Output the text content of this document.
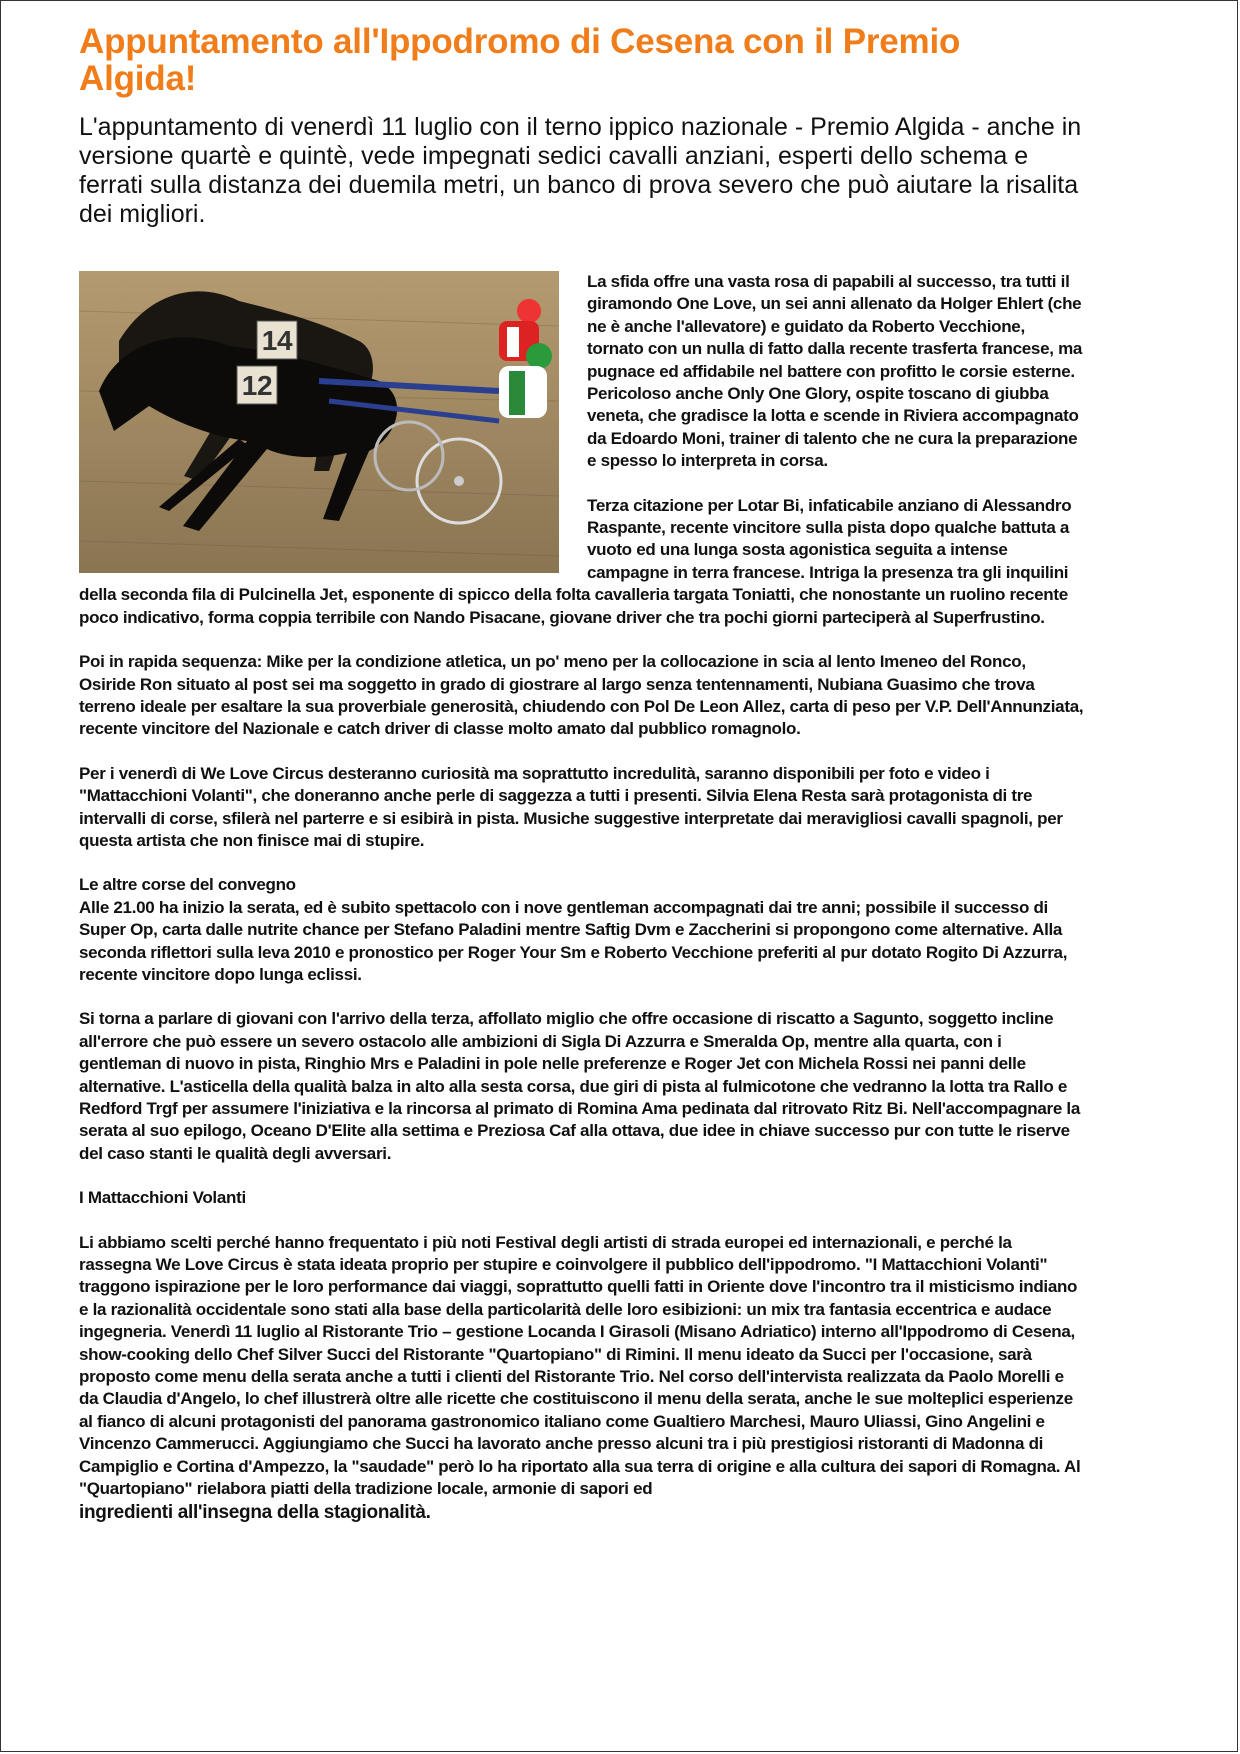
Appuntamento all'Ippodromo di Cesena con il Premio Algida!

L'appuntamento di venerdì 11 luglio con il terno ippico nazionale - Premio Algida - anche in versione quartè e quintè, vede impegnati sedici cavalli anziani, esperti dello schema e ferrati sulla distanza dei duemila metri, un banco di prova severo che può aiutare la risalita dei migliori.

14
12

La sfida offre una vasta rosa di papabili al successo, tra tutti il giramondo One Love, un sei anni allenato da Holger Ehlert (che ne è anche l'allevatore) e guidato da Roberto Vecchione, tornato con un nulla di fatto dalla recente trasferta francese, ma pugnace ed affidabile nel battere con profitto le corsie esterne. Pericoloso anche Only One Glory, ospite toscano di giubba veneta, che gradisce la lotta e scende in Riviera accompagnato da Edoardo Moni, trainer di talento che ne cura la preparazione e spesso lo interpreta in corsa.

Terza citazione per Lotar Bi, infaticabile anziano di Alessandro Raspante, recente vincitore sulla pista dopo qualche battuta a vuoto ed una lunga sosta agonistica seguita a intense campagne in terra francese. Intriga la presenza tra gli inquilini della seconda fila di Pulcinella Jet, esponente di spicco della folta cavalleria targata Toniatti, che nonostante un ruolino recente poco indicativo, forma coppia terribile con Nando Pisacane, giovane driver che tra pochi giorni parteciperà al Superfrustino.

Poi in rapida sequenza: Mike per la condizione atletica, un po' meno per la collocazione in scia al lento Imeneo del Ronco, Osiride Ron situato al post sei ma soggetto in grado di giostrare al largo senza tentennamenti, Nubiana Guasimo che trova terreno ideale per esaltare la sua proverbiale generosità, chiudendo con Pol De Leon Allez, carta di peso per V.P. Dell'Annunziata, recente vincitore del Nazionale e catch driver di classe molto amato dal pubblico romagnolo.

Per i venerdì di We Love Circus desteranno curiosità ma soprattutto incredulità, saranno disponibili per foto e video i "Mattacchioni Volanti", che doneranno anche perle di saggezza a tutti i presenti. Silvia Elena Resta sarà protagonista di tre intervalli di corse, sfilerà nel parterre e si esibirà in pista. Musiche suggestive interpretate dai meravigliosi cavalli spagnoli, per questa artista che non finisce mai di stupire.

Le altre corse del convegno

Alle 21.00 ha inizio la serata, ed è subito spettacolo con i nove gentleman accompagnati dai tre anni; possibile il successo di Super Op, carta dalle nutrite chance per Stefano Paladini mentre Saftig Dvm e Zaccherini si propongono come alternative. Alla seconda riflettori sulla leva 2010 e pronostico per Roger Your Sm e Roberto Vecchione preferiti al pur dotato Rogito Di Azzurra, recente vincitore dopo lunga eclissi.

Si torna a parlare di giovani con l'arrivo della terza, affollato miglio che offre occasione di riscatto a Sagunto, soggetto incline all'errore che può essere un severo ostacolo alle ambizioni di Sigla Di Azzurra e Smeralda Op, mentre alla quarta, con i gentleman di nuovo in pista, Ringhio Mrs e Paladini in pole nelle preferenze e Roger Jet con Michela Rossi nei panni delle alternative. L'asticella della qualità balza in alto alla sesta corsa, due giri di pista al fulmicotone che vedranno la lotta tra Rallo e Redford Trgf per assumere l'iniziativa e la rincorsa al primato di Romina Ama pedinata dal ritrovato Ritz Bi. Nell'accompagnare la serata al suo epilogo, Oceano D'Elite alla settima e Preziosa Caf alla ottava, due idee in chiave successo pur con tutte le riserve del caso stanti le qualità degli avversari.

I Mattacchioni Volanti

Li abbiamo scelti perché hanno frequentato i più noti Festival degli artisti di strada europei ed internazionali, e perché la rassegna We Love Circus è stata ideata proprio per stupire e coinvolgere il pubblico dell'ippodromo. "I Mattacchioni Volanti" traggono ispirazione per le loro performance dai viaggi, soprattutto quelli fatti in Oriente dove l'incontro tra il misticismo indiano e la razionalità occidentale sono stati alla base della particolarità delle loro esibizioni: un mix tra fantasia eccentrica e audace ingegneria. Venerdì 11 luglio al Ristorante Trio – gestione Locanda I Girasoli (Misano Adriatico) interno all'Ippodromo di Cesena, show-cooking dello Chef Silver Succi del Ristorante "Quartopiano" di Rimini. Il menu ideato da Succi per l'occasione, sarà proposto come menu della serata anche a tutti i clienti del Ristorante Trio. Nel corso dell'intervista realizzata da Paolo Morelli e da Claudia d'Angelo, lo chef illustrerà oltre alle ricette che costituiscono il menu della serata, anche le sue molteplici esperienze al fianco di alcuni protagonisti del panorama gastronomico italiano come Gualtiero Marchesi, Mauro Uliassi, Gino Angelini e Vincenzo Cammerucci. Aggiungiamo che Succi ha lavorato anche presso alcuni tra i più prestigiosi ristoranti di Madonna di Campiglio e Cortina d'Ampezzo, la "saudade" però lo ha riportato alla sua terra di origine e alla cultura dei sapori di Romagna. Al "Quartopiano" rielabora piatti della tradizione locale, armonie di sapori ed

ingredienti all'insegna della stagionalità.
